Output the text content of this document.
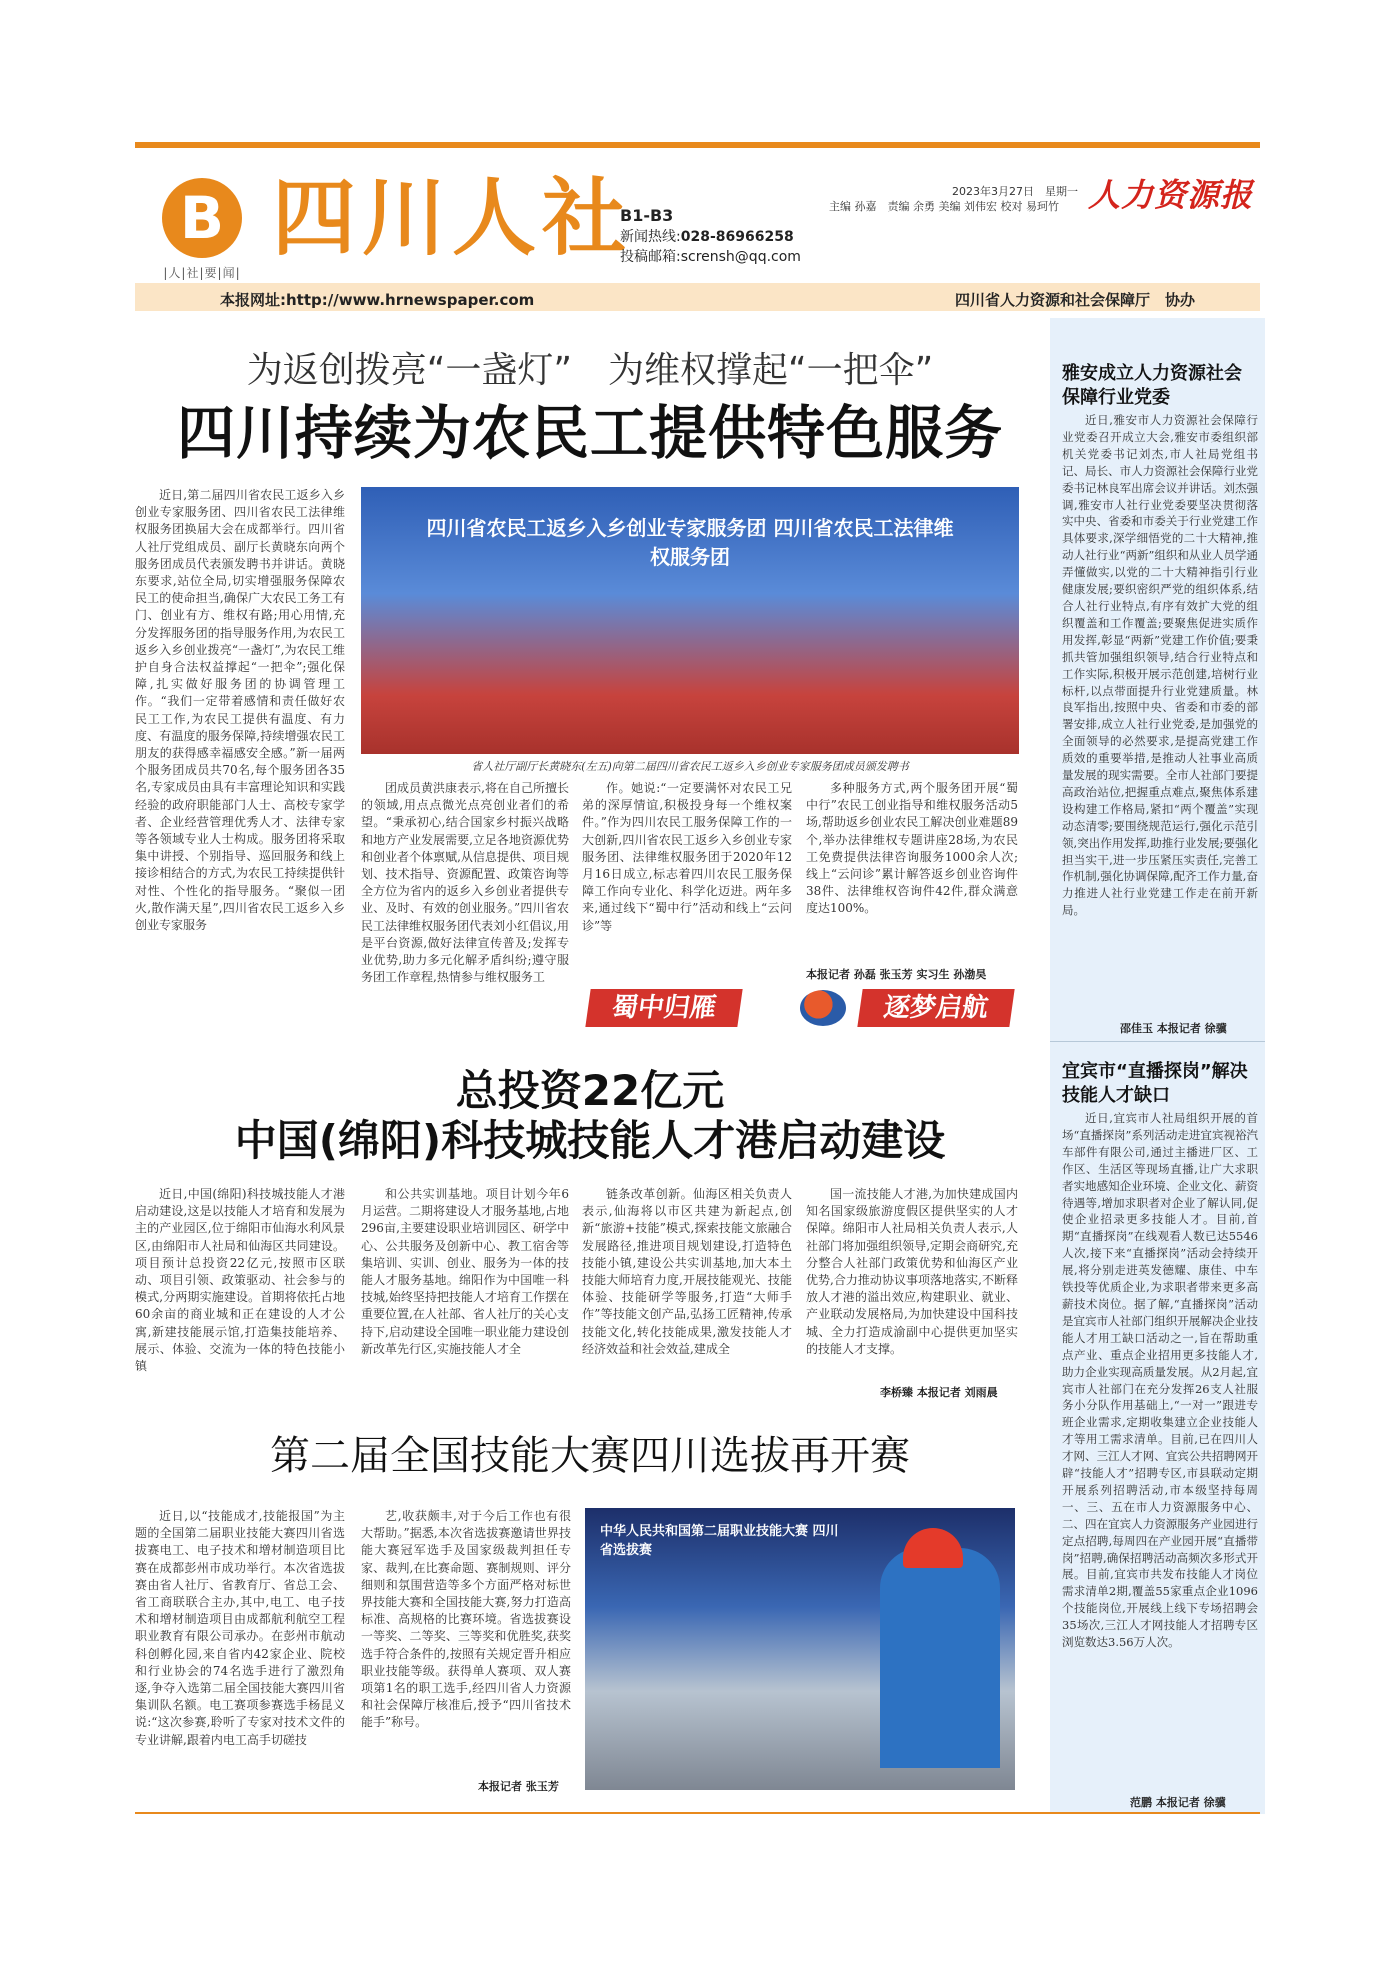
B
|人|社|要|闻|
四川人社
B1-B3
新闻热线:028-86966258
投稿邮箱:scrensh@qq.com
2023年3月27日　星期一
主编 孙嘉　责编 余勇 美编 刘伟宏 校对 易珂竹 人力资源报
本报网址:http://www.hrnewspaper.com	四川省人力资源和社会保障厅　协办
为返创拨亮“一盏灯”　为维权撑起“一把伞”
四川持续为农民工提供特色服务
近日,第二届四川省农民工返乡入乡创业专家服务团、四川省农民工法律维权服务团换届大会在成都举行。四川省人社厅党组成员、副厅长黄晓东向两个服务团成员代表颁发聘书并讲话。黄晓东要求,站位全局,切实增强服务保障农民工的使命担当,确保广大农民工务工有门、创业有方、维权有路;用心用情,充分发挥服务团的指导服务作用,为农民工返乡入乡创业拨亮“一盏灯”,为农民工维护自身合法权益撑起“一把伞”;强化保障,扎实做好服务团的协调管理工作。“我们一定带着感情和责任做好农民工工作,为农民工提供有温度、有力度、有温度的服务保障,持续增强农民工朋友的获得感幸福感安全感。”新一届两个服务团成员共70名,每个服务团各35名,专家成员由具有丰富理论知识和实践经验的政府职能部门人士、高校专家学者、企业经营管理优秀人才、法律专家等各领域专业人士构成。服务团将采取集中讲授、个别指导、巡回服务和线上接诊相结合的方式,为农民工持续提供针对性、个性化的指导服务。“聚似一团火,散作满天星”,四川省农民工返乡入乡创业专家服务
四川省农民工返乡入乡创业专家服务团 四川省农民工法律维权服务团
省人社厅副厅长黄晓东(左五)向第二届四川省农民工返乡入乡创业专家服务团成员颁发聘书
团成员黄洪康表示,将在自己所擅长的领域,用点点微光点亮创业者们的希望。“秉承初心,结合国家乡村振兴战略和地方产业发展需要,立足各地资源优势和创业者个体禀赋,从信息提供、项目规划、技术指导、资源配置、政策咨询等全方位为省内的返乡入乡创业者提供专业、及时、有效的创业服务。”四川省农民工法律维权服务团代表刘小红倡议,用是平台资源,做好法律宣传普及;发挥专业优势,助力多元化解矛盾纠纷;遵守服务团工作章程,热情参与维权服务工
作。她说:“一定要满怀对农民工兄弟的深厚情谊,积极投身每一个维权案件。”作为四川农民工服务保障工作的一大创新,四川省农民工返乡入乡创业专家服务团、法律维权服务团于2020年12月16日成立,标志着四川农民工服务保障工作向专业化、科学化迈进。两年多来,通过线下“蜀中行”活动和线上“云问诊”等
多种服务方式,两个服务团开展“蜀中行”农民工创业指导和维权服务活动5场,帮助返乡创业农民工解决创业难题89个,举办法律维权专题讲座28场,为农民工免费提供法律咨询服务1000余人次;线上“云问诊”累计解答返乡创业咨询件38件、法律维权咨询件42件,群众满意度达100%。
本报记者 孙磊 张玉芳 实习生 孙渤昊
蜀中归雁	逐梦启航
总投资22亿元
中国(绵阳)科技城技能人才港启动建设
近日,中国(绵阳)科技城技能人才港启动建设,这是以技能人才培育和发展为主的产业园区,位于绵阳市仙海水利风景区,由绵阳市人社局和仙海区共同建设。项目预计总投资22亿元,按照市区联动、项目引领、政策驱动、社会参与的模式,分两期实施建设。首期将依托占地60余亩的商业城和正在建设的人才公寓,新建技能展示馆,打造集技能培养、展示、体验、交流为一体的特色技能小镇
和公共实训基地。项目计划今年6月运营。二期将建设人才服务基地,占地296亩,主要建设职业培训园区、研学中心、公共服务及创新中心、教工宿舍等集培训、实训、创业、服务为一体的技能人才服务基地。绵阳作为中国唯一科技城,始终坚持把技能人才培育工作摆在重要位置,在人社部、省人社厅的关心支持下,启动建设全国唯一职业能力建设创新改革先行区,实施技能人才全
链条改革创新。仙海区相关负责人表示,仙海将以市区共建为新起点,创新“旅游+技能”模式,探索技能文旅融合发展路径,推进项目规划建设,打造特色技能小镇,建设公共实训基地,加大本土技能大师培育力度,开展技能观光、技能体验、技能研学等服务,打造“大师手作”等技能文创产品,弘扬工匠精神,传承技能文化,转化技能成果,激发技能人才经济效益和社会效益,建成全
国一流技能人才港,为加快建成国内知名国家级旅游度假区提供坚实的人才保障。绵阳市人社局相关负责人表示,人社部门将加强组织领导,定期会商研究,充分整合人社部门政策优势和仙海区产业优势,合力推动协议事项落地落实,不断释放人才港的溢出效应,构建职业、就业、产业联动发展格局,为加快建设中国科技城、全力打造成渝副中心提供更加坚实的技能人才支撑。
李桥臻 本报记者 刘雨晨
第二届全国技能大赛四川选拔再开赛
近日,以“技能成才,技能报国”为主题的全国第二届职业技能大赛四川省选拔赛电工、电子技术和增材制造项目比赛在成都彭州市成功举行。本次省选拔赛由省人社厅、省教育厅、省总工会、省工商联联合主办,其中,电工、电子技术和增材制造项目由成都航利航空工程职业教育有限公司承办。在彭州市航动科创孵化园,来自省内42家企业、院校和行业协会的74名选手进行了激烈角逐,争夺入选第二届全国技能大赛四川省集训队名额。电工赛项参赛选手杨昆义说:“这次参赛,聆听了专家对技术文件的专业讲解,跟着内电工高手切磋技
艺,收获颇丰,对于今后工作也有很大帮助。”据悉,本次省选拔赛邀请世界技能大赛冠军选手及国家级裁判担任专家、裁判,在比赛命题、赛制规则、评分细则和氛围营造等多个方面严格对标世界技能大赛和全国技能大赛,努力打造高标准、高规格的比赛环境。省选拔赛设一等奖、二等奖、三等奖和优胜奖,获奖选手符合条件的,按照有关规定晋升相应职业技能等级。获得单人赛项、双人赛项第1名的职工选手,经四川省人力资源和社会保障厅核准后,授予“四川省技术能手”称号。
本报记者 张玉芳
中华人民共和国第二届职业技能大赛 四川省选拔赛
雅安成立人力资源社会保障行业党委
近日,雅安市人力资源社会保障行业党委召开成立大会,雅安市委组织部机关党委书记刘杰,市人社局党组书记、局长、市人力资源社会保障行业党委书记林良军出席会议并讲话。刘杰强调,雅安市人社行业党委要坚决贯彻落实中央、省委和市委关于行业党建工作具体要求,深学细悟党的二十大精神,推动人社行业“两新”组织和从业人员学通弄懂做实,以党的二十大精神指引行业健康发展;要织密织严党的组织体系,结合人社行业特点,有序有效扩大党的组织覆盖和工作覆盖;要聚焦促进实质作用发挥,彰显“两新”党建工作价值;要秉抓共管加强组织领导,结合行业特点和工作实际,积极开展示范创建,培树行业标杆,以点带面提升行业党建质量。林良军指出,按照中央、省委和市委的部署安排,成立人社行业党委,是加强党的全面领导的必然要求,是提高党建工作质效的重要举措,是推动人社事业高质量发展的现实需要。全市人社部门要提高政治站位,把握重点难点,聚焦体系建设构建工作格局,紧扣“两个覆盖”实现动态清零;要围绕规范运行,强化示范引领,突出作用发挥,助推行业发展;要强化担当实干,进一步压紧压实责任,完善工作机制,强化协调保障,配齐工作力量,奋力推进人社行业党建工作走在前开新局。
邵佳玉 本报记者 徐骥
宜宾市“直播探岗”解决技能人才缺口
近日,宜宾市人社局组织开展的首场“直播探岗”系列活动走进宜宾视裕汽车部件有限公司,通过主播进厂区、工作区、生活区等现场直播,让广大求职者实地感知企业环境、企业文化、薪资待遇等,增加求职者对企业了解认同,促使企业招录更多技能人才。目前,首期“直播探岗”在线观看人数已达5546人次,接下来“直播探岗”活动会持续开展,将分别走进英发德耀、康佳、中车铁投等优质企业,为求职者带来更多高薪技术岗位。据了解,“直播探岗”活动是宜宾市人社部门组织开展解决企业技能人才用工缺口活动之一,旨在帮助重点产业、重点企业招用更多技能人才,助力企业实现高质量发展。从2月起,宜宾市人社部门在充分发挥26支人社服务小分队作用基础上,“一对一”跟进专班企业需求,定期收集建立企业技能人才等用工需求清单。目前,已在四川人才网、三江人才网、宜宾公共招聘网开辟“技能人才”招聘专区,市县联动定期开展系列招聘活动,市本级坚持每周一、三、五在市人力资源服务中心、二、四在宜宾人力资源服务产业园进行定点招聘,每周四在产业园开展“直播带岗”招聘,确保招聘活动高频次多形式开展。目前,宜宾市共发布技能人才岗位需求清单2期,覆盖55家重点企业1096个技能岗位,开展线上线下专场招聘会35场次,三江人才网技能人才招聘专区浏览数达3.56万人次。
范鹏 本报记者 徐骥
